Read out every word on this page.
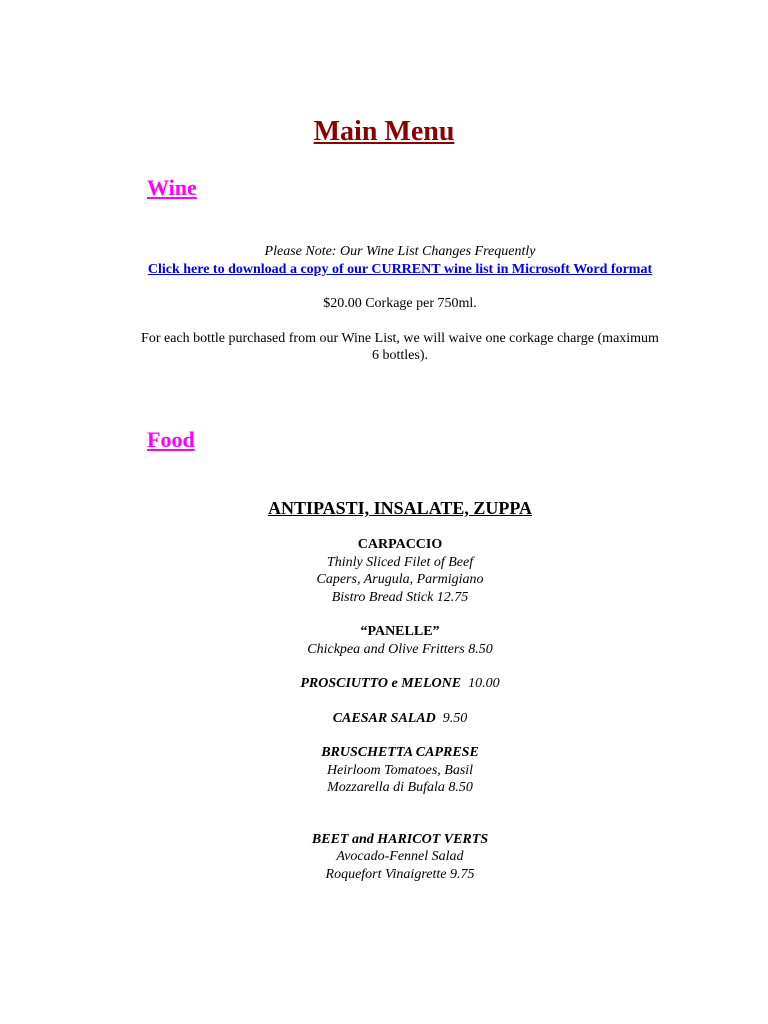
Main Menu
Wine

Please Note: Our Wine List Changes Frequently

Click here to download a copy of our CURRENT wine list in Microsoft Word format

$20.00 Corkage per 750ml.

For each bottle purchased from our Wine List, we will waive one corkage charge (maximum 6 bottles).

Food
ANTIPASTI, INSALATE, ZUPPA

CARPACCIO

Thinly Sliced Filet of Beef

Capers, Arugula, Parmigiano

Bistro Bread Stick 12.75

“PANELLE”

Chickpea and Olive Fritters 8.50

PROSCIUTTO e MELONE 10.00

CAESAR SALAD 9.50

BRUSCHETTA CAPRESE

Heirloom Tomatoes, Basil

Mozzarella di Bufala 8.50

BEET and HARICOT VERTS

Avocado-Fennel Salad

Roquefort Vinaigrette 9.75
